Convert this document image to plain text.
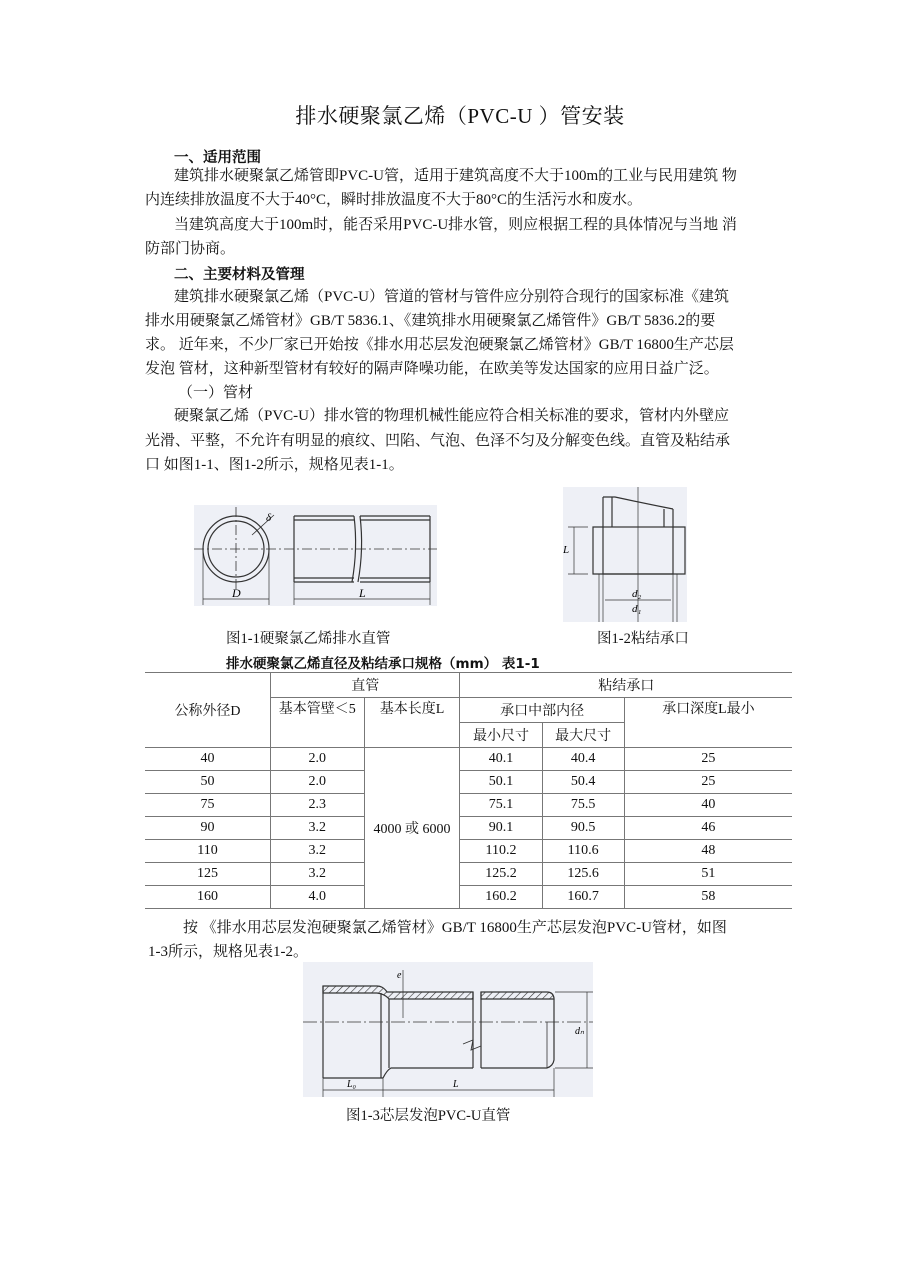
排水硬聚氯乙烯（PVC-U ）管安装
一、适用范围
建筑排水硬聚氯乙烯管即PVC-U管，适用于建筑高度不大于100m的工业与民用建筑 物
内连续排放温度不大于40°C，瞬时排放温度不大于80°C的生活污水和废水。
当建筑高度大于100m时，能否采用PVC-U排水管，则应根据工程的具体情况与当地 消
防部门协商。
二、主要材料及管理
建筑排水硬聚氯乙烯（PVC-U）管道的管材与管件应分别符合现行的国家标准《建筑
排水用硬聚氯乙烯管材》GB/T 5836.1、《建筑排水用硬聚氯乙烯管件》GB/T 5836.2的要
求。 近年来，不少厂家已开始按《排水用芯层发泡硬聚氯乙烯管材》GB/T 16800生产芯层
发泡 管材，这种新型管材有较好的隔声降噪功能，在欧美等发达国家的应用日益广泛。
（一）管材
硬聚氯乙烯（PVC-U）排水管的物理机械性能应符合相关标准的要求，管材内外壁应
光滑、平整，不允许有明显的痕纹、凹陷、气泡、色泽不匀及分解变色线。直管及粘结承
口 如图1-1、图1-2所示，规格见表1-1。
δ
D	L
图1-1硬聚氯乙烯排水直管
L
d₂
d₁
图1-2粘结承口
排水硬聚氯乙烯直径及粘结承口规格（mm） 表1-1
公称外径D	直管		粘结承口		
	基本管壁＜5	基本长度L	承口中部内径		承口深度L最小
			最小尺寸	最大尺寸	
40	2.0	4000 或 6000	40.1	40.4	25
50	2.0		50.1	50.4	25
75	2.3		75.1	75.5	40
90	3.2		90.1	90.5	46
110	3.2		110.2	110.6	48
125	3.2		125.2	125.6	51
160	4.0		160.2	160.7	58
按 《排水用芯层发泡硬聚氯乙烯管材》GB/T 16800生产芯层发泡PVC-U管材，如图
1-3所示，规格见表1-2。
e
dₙ
L₀	L
图1-3芯层发泡PVC-U直管
